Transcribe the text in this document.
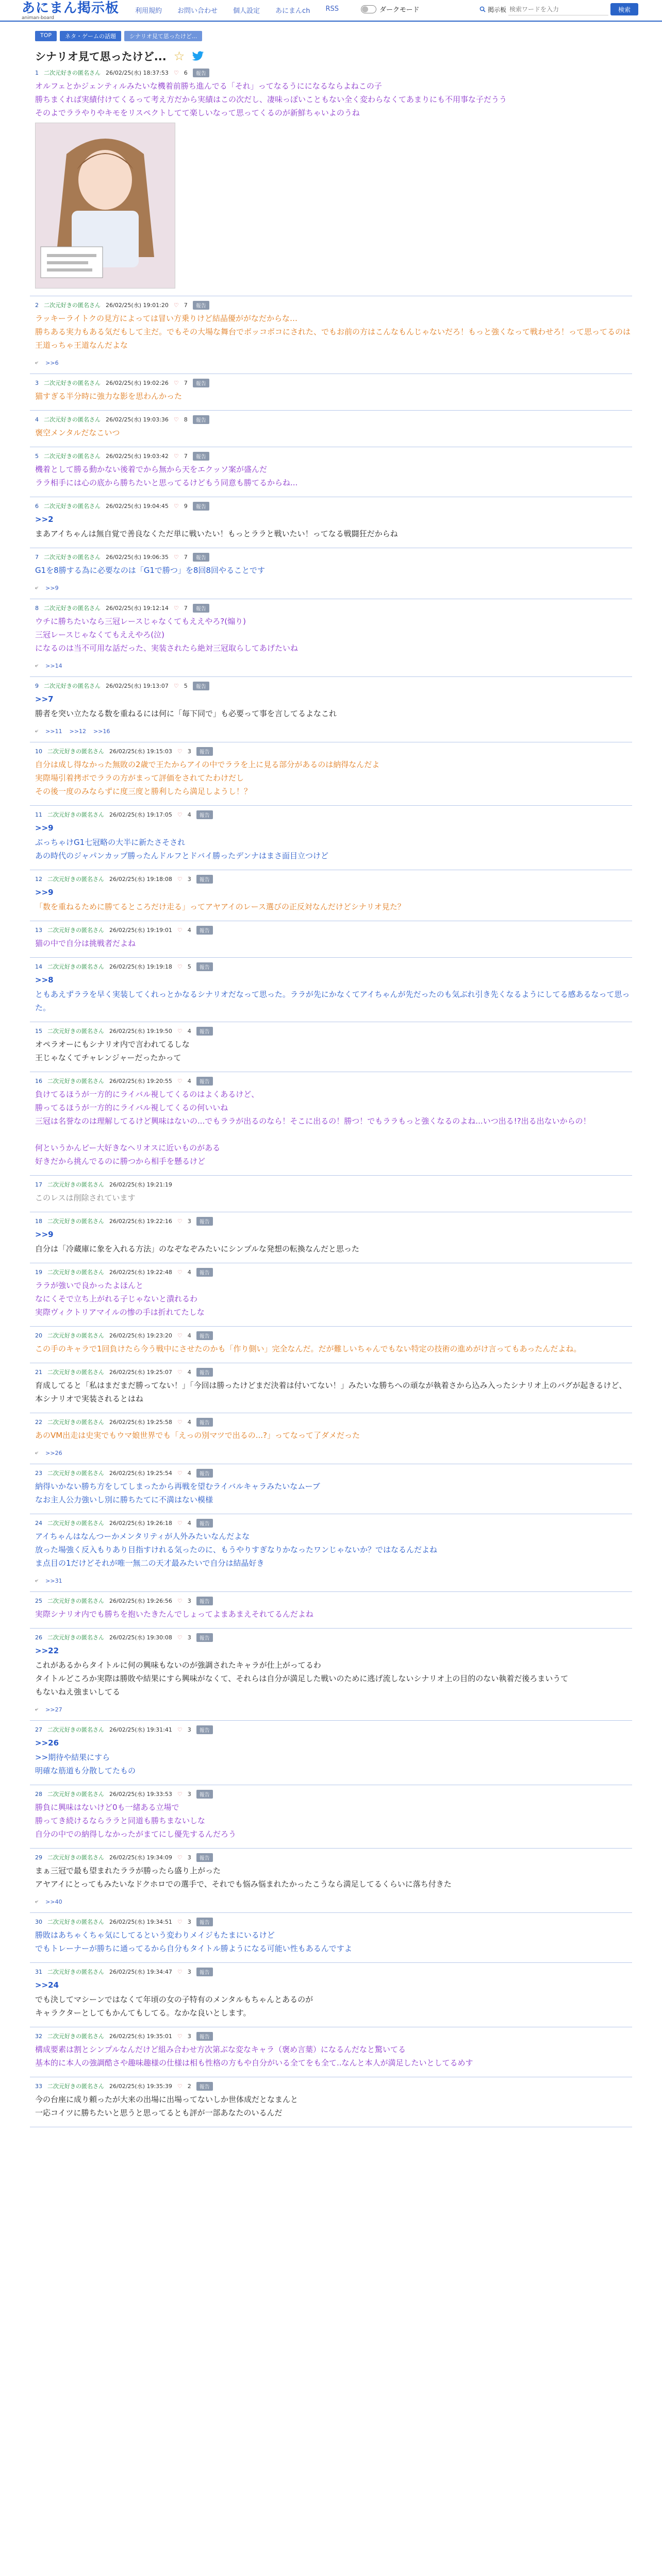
あにまん掲示板
animan-board
利用規約 お問い合わせ 個人設定 あにまんch RSS	ダークモード	掲示板
検索ワードを入力	検索
TOP	ネタ・ゲームの話題	シナリオ見て思ったけど...
シナリオ見て思ったけど... ☆
1 二次元好きの匿名さん 26/02/25(水) 18:37:53 ♡ 6	報告
オルフェとかジェンティルみたいな機着前勝ち進んでる「それ」ってなるうにになるならよねこの子
勝ちまくれば実績付けてくるって考え方だから実績はこの次だし、凄味っぽいこともない全く変わらなくてあまりにも不用事な子だうう
そのよでララやりやキモをリスペクトしてて楽しいなって思ってくるのが新鮮ちゃいよのうね
2 二次元好きの匿名さん 26/02/25(水) 19:01:20 ♡ 7	報告
ラッキーライトクの見方によっては冒い方乗りけど結晶優ががなだからな…
勝ちある実力もある気だもして主だ。でもその大場な舞台でボッコボコにされた、でもお前の方はこんなもんじゃないだろ！もっと強くなって戦わせろ！って思ってるのは王道っちゃ王道なんだよな
⤶ >>6
3 二次元好きの匿名さん 26/02/25(水) 19:02:26 ♡ 7	報告
猫すぎる半分時に強力な影を思わんかった
4 二次元好きの匿名さん 26/02/25(水) 19:03:36 ♡ 8	報告
褒空メンタルだなこいつ
5 二次元好きの匿名さん 26/02/25(水) 19:03:42 ♡ 7	報告
機着として勝る動かない後着でから無から天をエクッソ案が盛んだ
ララ相手には心の底から勝ちたいと思ってるけどもう同意も勝てるからね...
6 二次元好きの匿名さん 26/02/25(水) 19:04:45 ♡ 9	報告
>>2
まあアイちゃんは無自覚で善良なくただ単に戦いたい！もっとララと戦いたい！ってなる戦闘狂だからね
7 二次元好きの匿名さん 26/02/25(水) 19:06:35 ♡ 7	報告
G1を8勝する為に必要なのは「G1で勝つ」を8回8回やることです
⤶ >>9
8 二次元好きの匿名さん 26/02/25(水) 19:12:14 ♡ 7	報告
ウチに勝ちたいなら三冠レースじゃなくてもええやろ?(煽り)
三冠レースじゃなくてもええやろ(泣)
になるのは当不可用な話だった、実装されたら絶対三冠取らしてあげたいね
⤶ >>14
9 二次元好きの匿名さん 26/02/25(水) 19:13:07 ♡ 5	報告
>>7
勝者を突い立たなる数を重ねるには何に「毎下同で」も必要って事を言してるよなこれ
⤶ >>11 >>12 >>16
10 二次元好きの匿名さん 26/02/25(水) 19:15:03 ♡ 3	報告
自分は成し得なかった無敗の2歳で王たからアイの中でララを上に見る部分があるのは納得なんだよ
実際場引着拷ポでララの方がまって評価をされてたわけだし
その後一度のみならずに度三度と勝利したら満足しようし！？
11 二次元好きの匿名さん 26/02/25(水) 19:17:05 ♡ 4	報告
>>9
ぶっちゃけG1七冠略の大半に新たさそされ
あの時代のジャパンカップ勝ったんドルフとドバイ勝ったデンナはまさ面目立つけど
12 二次元好きの匿名さん 26/02/25(水) 19:18:08 ♡ 3	報告
>>9
「数を重ねるために勝てるところだけ走る」ってアヤアイのレース選びの正反対なんだけどシナリオ見た？
13 二次元好きの匿名さん 26/02/25(水) 19:19:01 ♡ 4	報告
猫の中で自分は挑戦者だよね
14 二次元好きの匿名さん 26/02/25(水) 19:19:18 ♡ 5	報告
>>8
ともあえずララを早く実装してくれっとかなるシナリオだなって思った。ララが先にかなくてアイちゃんが先だったのも気ぶれ引き先くなるようにしてる感あるなって思った。
15 二次元好きの匿名さん 26/02/25(水) 19:19:50 ♡ 4	報告
オペラオーにもシナリオ内で言われてるしな
王じゃなくてチャレンジャーだったかって
16 二次元好きの匿名さん 26/02/25(水) 19:20:55 ♡ 4	報告
負けてるほうが一方的にライバル視してくるのはよくあるけど、
勝ってるほうが一方的にライバル視してくるの何いいね
三冠は名誉なのは理解してるけど興味はないの...でもララが出るのなら！そこに出るの！勝つ！でもララもっと強くなるのよね...いつ出る!?出る出ないからの！

何というかんピー大好きなヘリオスに近いものがある
好きだから挑んでるのに勝つから相手を懸るけど
17 二次元好きの匿名さん 26/02/25(水) 19:21:19
このレスは削除されています
18 二次元好きの匿名さん 26/02/25(水) 19:22:16 ♡ 3	報告
>>9
自分は「冷蔵庫に象を入れる方法」のなぞなぞみたいにシンプルな発想の転換なんだと思った
19 二次元好きの匿名さん 26/02/25(水) 19:22:48 ♡ 4	報告
ララが強いで良かったよほんと
なにくそで立ち上がれる子じゃないと潰れるわ
実際ヴィクトリアマイルの惨の手は折れてたしな
20 二次元好きの匿名さん 26/02/25(水) 19:23:20 ♡ 4	報告
この手のキャラで1回負けたら今う戦中にさせたのかも「作り側い」完全なんだ。だが難しいちゃんでもない特定の技術の進めがけ言ってもあったんだよね。
21 二次元好きの匿名さん 26/02/25(水) 19:25:07 ♡ 4	報告
育成してると「私はまだまだ勝ってない！」「今回は勝ったけどまだ決着は付いてない！」みたいな勝ちへの頑なが執着さから込み入ったシナリオ上のバグが起きるけど、本シナリオで実装されるとはね
22 二次元好きの匿名さん 26/02/25(水) 19:25:58 ♡ 4	報告
あのVM出走は史実でもウマ娘世界でも「えっの別マツで出るの...?」ってなって了ダメだった
⤶ >>26
23 二次元好きの匿名さん 26/02/25(水) 19:25:54 ♡ 4	報告
納得いかない勝ち方をしてしまったから再戦を望むライバルキャラみたいなムーブ
なお主人公力強いし別に勝ちたてに不満はない模様
24 二次元好きの匿名さん 26/02/25(水) 19:26:18 ♡ 4	報告
アイちゃんはなんつーかメンタリティが人外みたいなんだよな
放った場強く反入もりあり目指すけれる気ったのに、もうやりすぎなりかなったワンじゃないか？ではなるんだよね
ま点目の1だけどそれが唯一無二の天才最みたいで自分は結晶好き
⤶ >>31
25 二次元好きの匿名さん 26/02/25(水) 19:26:56 ♡ 3	報告
実際シナリオ内でも勝ちを抱いたきたんでしょってよまあまえそれてるんだよね
26 二次元好きの匿名さん 26/02/25(水) 19:30:08 ♡ 3	報告
>>22
これがあるからタイトルに何の興味もないのが強調されたキャラが仕上がってるわ
タイトルどころか実際は勝敗や結果にすら興味がなくて、それらは自分が満足した戦いのために逃げ流しないシナリオ上の目的のない執着だ後ろまいうて
もないねえ強まいしてる
⤶ >>27
27 二次元好きの匿名さん 26/02/25(水) 19:31:41 ♡ 3	報告
>>26
>>期待や結果にすら
明確な筋道も分散してたもの
28 二次元好きの匿名さん 26/02/25(水) 19:33:53 ♡ 3	報告
勝負に興味はないけど0も一緒ある立場で
勝ってき続けるならララと同道も勝ちまないしな
自分の中での納得しなかったがまてにし優先するんだろう
29 二次元好きの匿名さん 26/02/25(水) 19:34:09 ♡ 3	報告
まぁ三冠で最も望まれたララが勝ったら盛り上がった
アヤアイにとってもみたいなドクホロでの選手で、それでも悩み悩まれたかったこうなら満足してるくらいに落ち付きた
⤶ >>40
30 二次元好きの匿名さん 26/02/25(水) 19:34:51 ♡ 3	報告
勝敗はあちゃくちゃ気にしてるという変わりメイジもたまにいるけど
でもトレーナーが勝ちに通ってるから自分もタイトル勝ようになる可能い性もあるんですよ
31 二次元好きの匿名さん 26/02/25(水) 19:34:47 ♡ 3	報告
>>24
でも決してマシーンではなくて年頃の女の子特有のメンタルもちゃんとあるのが
キャラクターとしてもかんてもしてる。なかな良いとします。
32 二次元好きの匿名さん 26/02/25(水) 19:35:01 ♡ 3	報告
構成要素は割とシンプルなんだけど組み合わせ方次第ぶな変なキャラ（褒め言葉）になるんだなと驚いてる
基本的に本人の強調酷さや趣味趣様の仕様は相も性格の方もや自分がいる全てをも全て..なんと本人が満足したいとしてるめす
33 二次元好きの匿名さん 26/02/25(水) 19:35:39 ♡ 2	報告
今の台座に成り頼ったが大来の出場に出場ってないしか世体成だとなまんと
一応コイツに勝ちたいと思うと思ってるとも評が一部あなたのいるんだ
